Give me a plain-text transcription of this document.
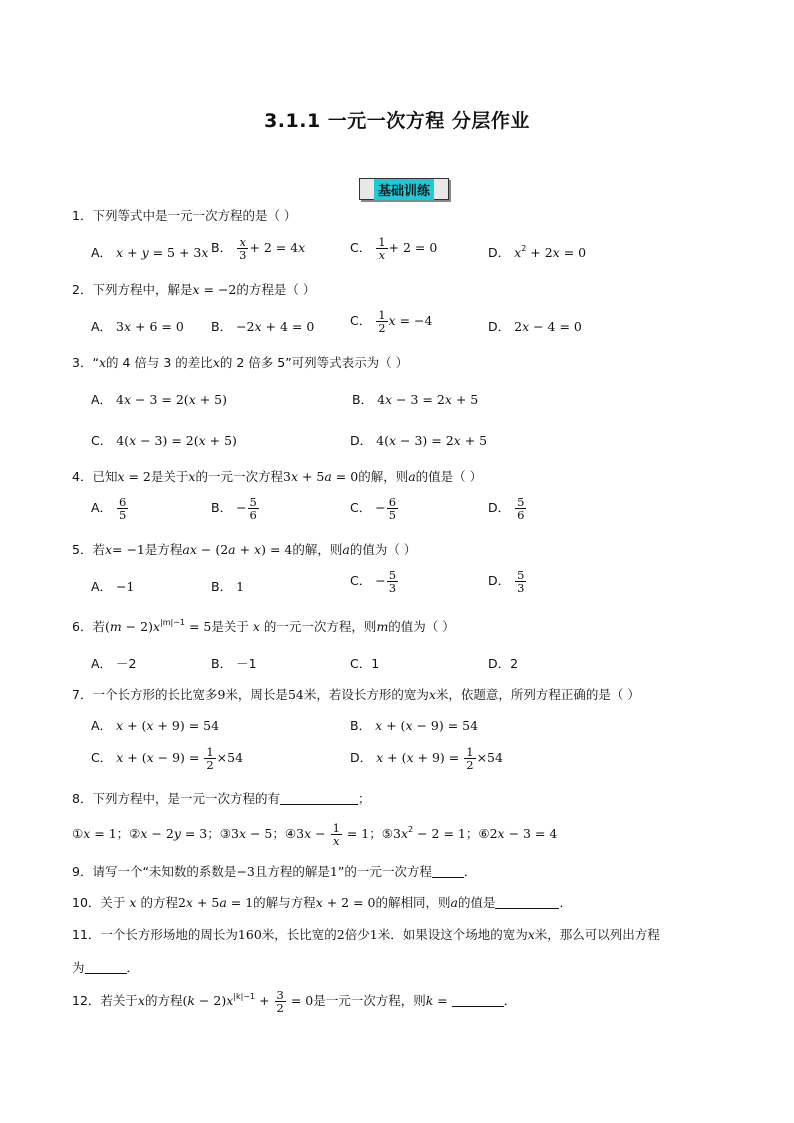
3.1.1 一元一次方程 分层作业
基础训练
1．下列等式中是一元一次方程的是（ ）
A． x + y = 5 + 3x B． $\frac{x}{3} + 2 = 4x$	C． $\frac{1}{x} + 2 = 0$	D． $x^2 + 2x = 0$
2．下列方程中，解是x = −2的方程是（ ）
A． 3x + 6 = 0 B． −2x + 4 = 0	C． $\frac{1}{2}$ x = −4	D． 2x − 4 = 0
3．“x的 4 倍与 3 的差比x的 2 倍多 5”可列等式表示为（ ）
A． 4x − 3 = 2(x + 5)	B． 4x − 3 = 2x + 5
C． 4(x − 3) = 2(x + 5)	D． 4(x − 3) = 2x + 5
4．已知x = 2是关于x的一元一次方程3x + 5a = 0的解，则a的值是（ ）
A． $\frac{6}{5}$	B． − $\frac{5}{6}$	C． − $\frac{6}{5}$	D． $\frac{5}{6}$
5．若x= −1是方程ax − (2a + x) = 4的解，则a的值为（ ）
A． −1	B． 1	C． − $\frac{5}{3}$	D． $\frac{5}{3}$
6．若$(m - 2)x^{|m|-1} = 5$是关于 x 的一元一次方程，则m的值为（ ）
A． －2	B． －1	C．1	D．2
7．一个长方形的长比宽多9米，周长是54米，若设长方形的宽为x米，依题意，所列方程正确的是（ ）
A． x + (x + 9) = 54	B． x + (x − 9) = 54
C． $x + (x - 9) = \frac{1}{2} \times 54$	D． $x + (x + 9) = \frac{1}{2} \times 54$
8．下列方程中，是一元一次方程的有	；
①x = 1；②x − 2y = 3；③3x − 5；④3x − $\frac{1}{x} = 1$；$⑤3x^2 - 2 = 1$；⑥2x − 3 = 4
9．请写一个“未知数的系数是−3且方程的解是1”的一元一次方程	．
10．关于 x 的方程2x + 5a = 1的解与方程x + 2 = 0的解相同，则a的值是	．
11．一个长方形场地的周长为160米，长比宽的2倍少1米．如果设这个场地的宽为x米，那么可以列出方程
为	．
12．若关于x的方程$(k - 2)x^{|k|-1} + \frac{3}{2} = 0$是一元一次方程，则k =	．
